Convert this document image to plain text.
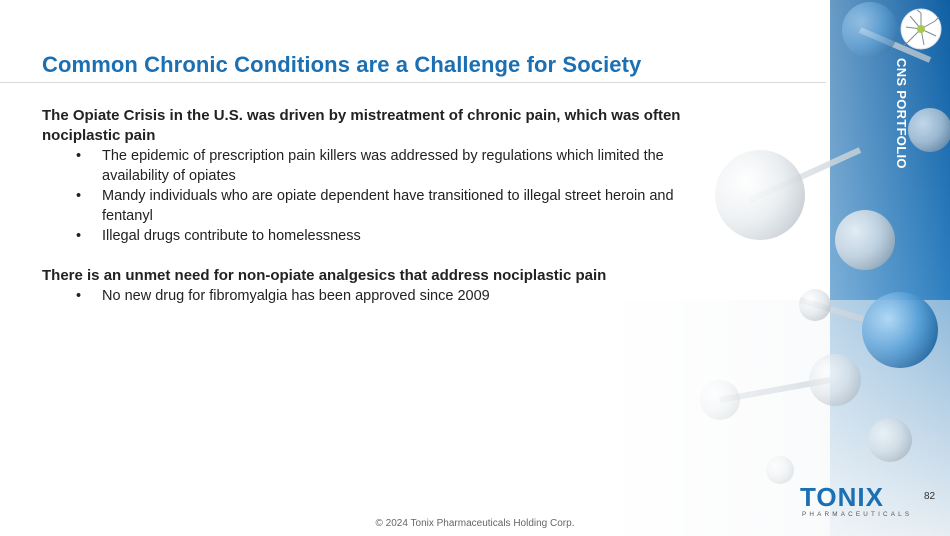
Common Chronic Conditions are a Challenge for Society

The Opiate Crisis in the U.S. was driven by mistreatment of chronic pain, which was often nociplastic pain

• The epidemic of prescription pain killers was addressed by regulations which limited the availability of opiates
• Mandy individuals who are opiate dependent have transitioned to illegal street heroin and fentanyl
• Illegal drugs contribute to homelessness

There is an unmet need for non-opiate analgesics that address nociplastic pain

• No new drug for fibromyalgia has been approved since 2009
CNS PORTFOLIO
TONIX
PHARMACEUTICALS
82
© 2024 Tonix Pharmaceuticals Holding Corp.
